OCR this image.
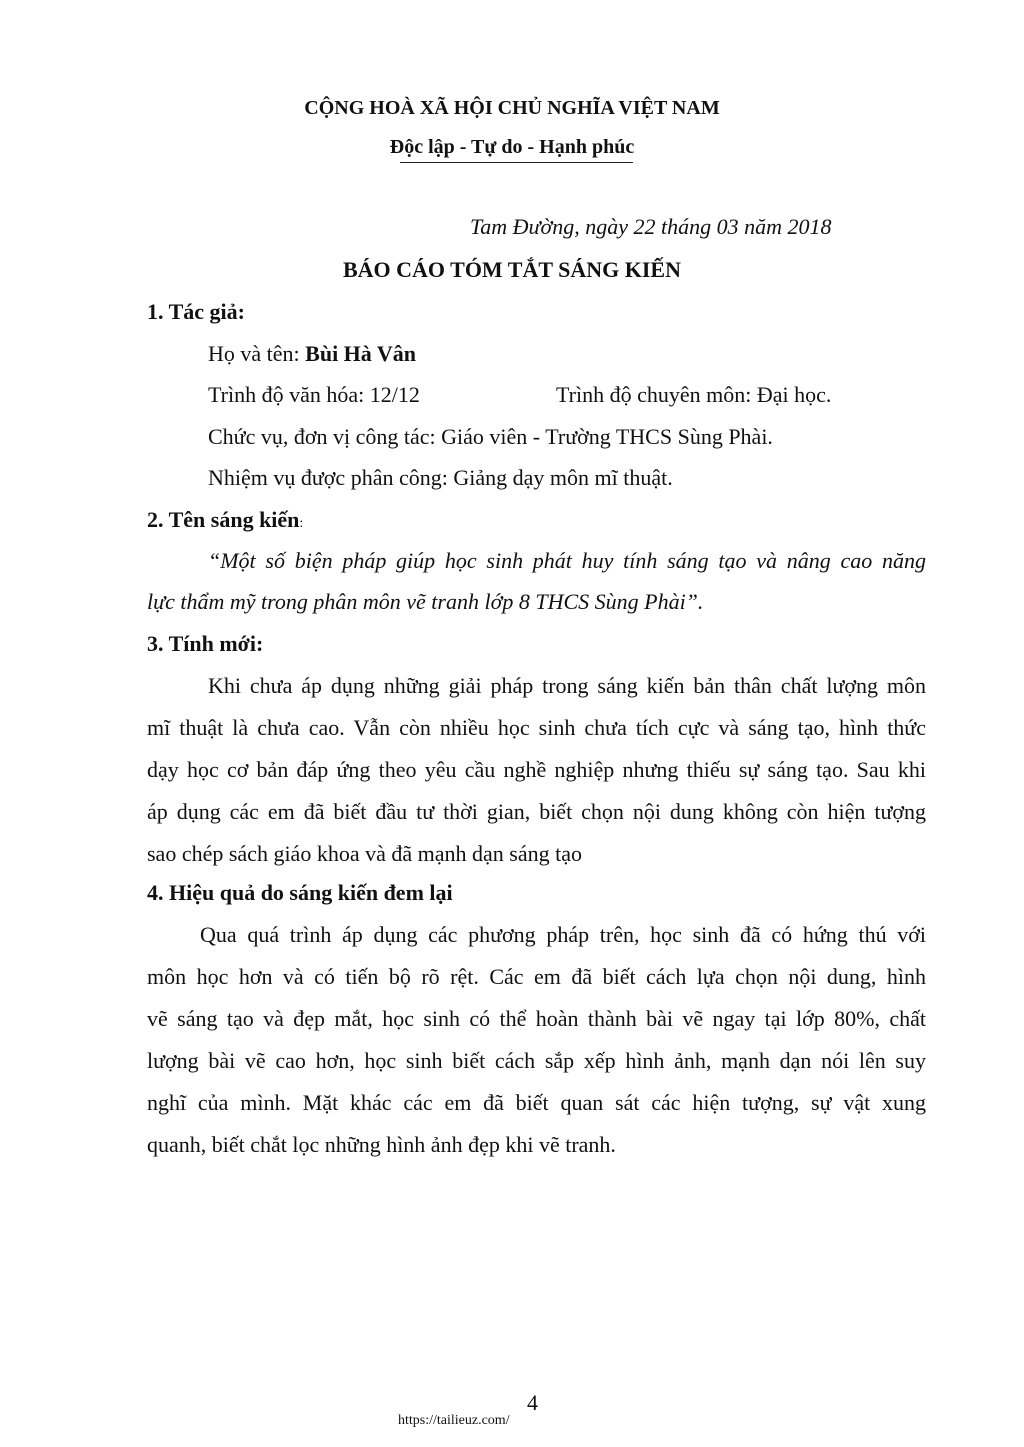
CỘNG HOÀ XÃ HỘI CHỦ NGHĨA VIỆT NAM
Độc lập - Tự do - Hạnh phúc
Tam Đường, ngày 22 tháng 03 năm 2018
BÁO CÁO TÓM TẮT SÁNG KIẾN
1. Tác giả:
Họ và tên: Bùi Hà Vân
Trình độ văn hóa: 12/12	Trình độ chuyên môn: Đại học.
Chức vụ, đơn vị công tác: Giáo viên - Trường THCS Sùng Phài.
Nhiệm vụ được phân công: Giảng dạy môn mĩ thuật.
2. Tên sáng kiến:
“Một số biện pháp giúp học sinh phát huy tính sáng tạo và nâng cao năng
lực thẩm mỹ trong phân môn vẽ tranh lớp 8 THCS Sùng Phài”.
3. Tính mới:
Khi chưa áp dụng những giải pháp trong sáng kiến bản thân chất lượng môn
mĩ thuật là chưa cao. Vẫn còn nhiều học sinh chưa tích cực và sáng tạo, hình thức
dạy học cơ bản đáp ứng theo yêu cầu nghề nghiệp nhưng thiếu sự sáng tạo. Sau khi
áp dụng các em đã biết đầu tư thời gian, biết chọn nội dung không còn hiện tượng
sao chép sách giáo khoa và đã mạnh dạn sáng tạo
4. Hiệu quả do sáng kiến đem lại
Qua quá trình áp dụng các phương pháp trên, học sinh đã có hứng thú với
môn học hơn và có tiến bộ rõ rệt. Các em đã biết cách lựa chọn nội dung, hình
vẽ sáng tạo và đẹp mắt, học sinh có thể hoàn thành bài vẽ ngay tại lớp 80%, chất
lượng bài vẽ cao hơn, học sinh biết cách sắp xếp hình ảnh, mạnh dạn nói lên suy
nghĩ của mình. Mặt khác các em đã biết quan sát các hiện tượng, sự vật xung
quanh, biết chắt lọc những hình ảnh đẹp khi vẽ tranh.
4
https://tailieuz.com/
